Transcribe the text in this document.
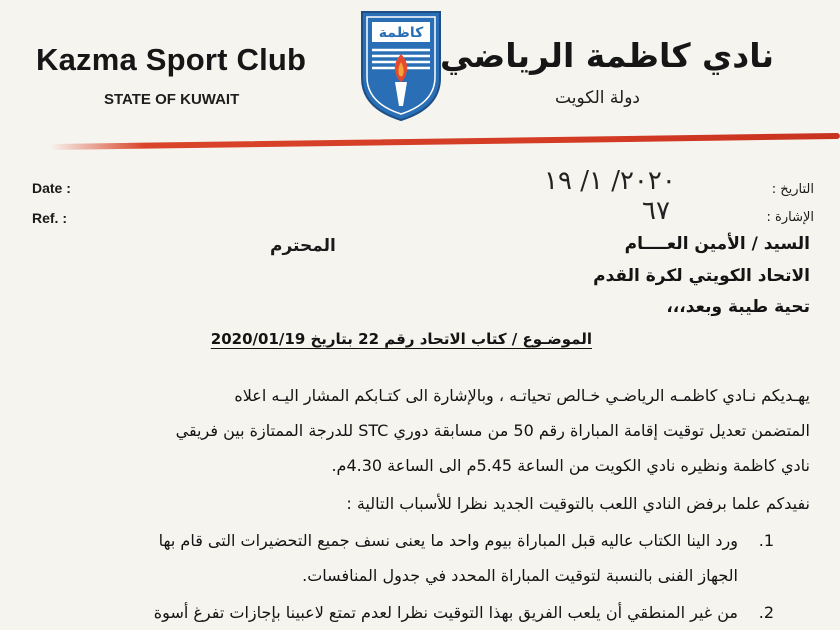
Kazma Sport Club
STATE OF KUWAIT
كاظمة
نادي كاظمة الرياضي
دولة الكويت
Date :
Ref. :
التاريخ :
الإشارة :
٢٠٢٠/ ١/ ١٩
٦٧
السيد / الأمين العــــام
المحترم
الاتحاد الكويتي لكرة القدم
تحية طيبة وبعد،،،
الموضـوع / كتاب الاتحاد رقم 22 بتاريخ 2020/01/19
يهـديكم نـادي كاظمـه الرياضـي خـالص تحياتـه ، وبالإشارة الى كتـابكم المشار اليـه اعلاه
المتضمن تعديل توقيت إقامة المباراة رقم 50 من مسابقة دوري STC للدرجة الممتازة بين فريقي
نادي كاظمة ونظيره نادي الكويت من الساعة 5.45م الى الساعة 4.30م.
نفيدكم علما برفض النادي اللعب بالتوقيت الجديد نظرا للأسباب التالية :
.1
ورد الينا الكتاب عاليه قبل المباراة بيوم واحد ما يعنى نسف جميع التحضيرات التى قام بها
الجهاز الفنى بالنسبة لتوقيت المباراة المحدد في جدول المنافسات.
.2
من غير المنطقي أن يلعب الفريق بهذا التوقيت نظرا لعدم تمتع لاعبينا بإجازات تفرغ أسوة
